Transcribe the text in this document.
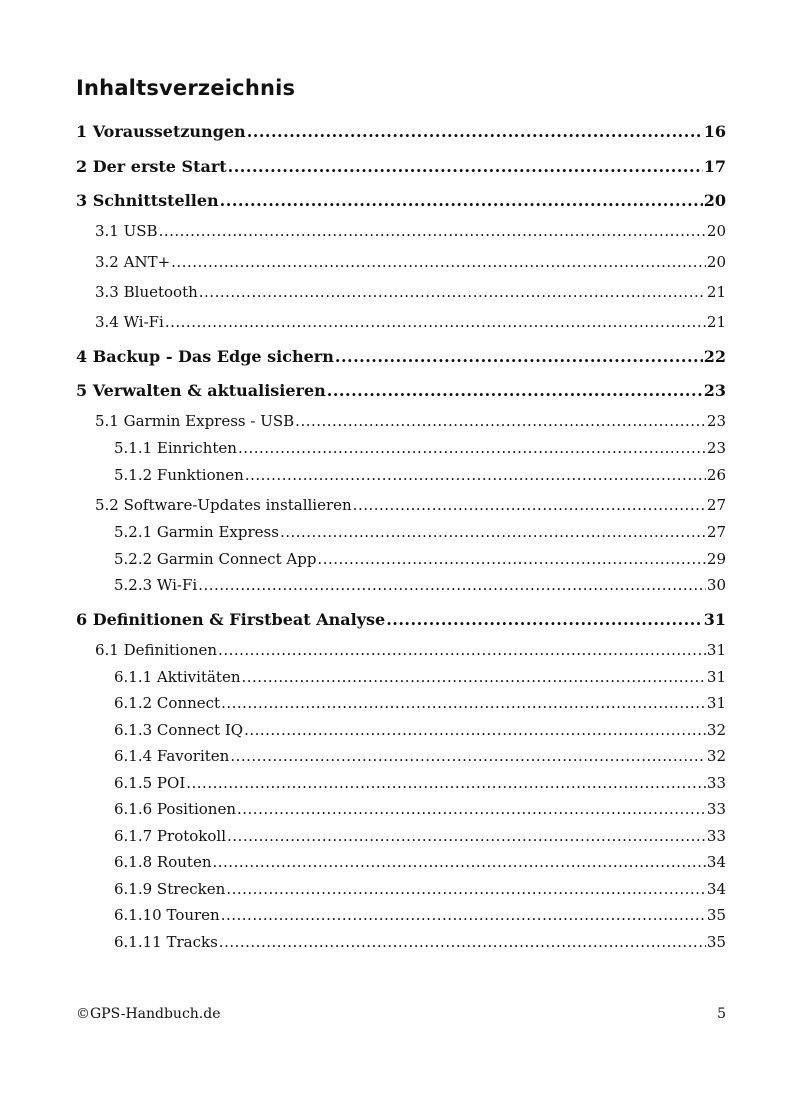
Inhaltsverzeichnis
1 Voraussetzungen .....	16
2 Der erste Start .....	17
3 Schnittstellen .....	20
3.1 USB .....	20
3.2 ANT+ .....	20
3.3 Bluetooth .....	21
3.4 Wi-Fi .....	21
4 Backup - Das Edge sichern .....	22
5 Verwalten & aktualisieren .....	23
5.1 Garmin Express - USB .....	23
5.1.1 Einrichten .....	23
5.1.2 Funktionen .....	26
5.2 Software-Updates installieren .....	27
5.2.1 Garmin Express .....	27
5.2.2 Garmin Connect App .....	29
5.2.3 Wi-Fi .....	30
6 Definitionen & Firstbeat Analyse .....	31
6.1 Definitionen .....	31
6.1.1 Aktivitäten .....	31
6.1.2 Connect .....	31
6.1.3 Connect IQ .....	32
6.1.4 Favoriten .....	32
6.1.5 POI .....	33
6.1.6 Positionen .....	33
6.1.7 Protokoll .....	33
6.1.8 Routen .....	34
6.1.9 Strecken .....	34
6.1.10 Touren .....	35
6.1.11 Tracks .....	35
©GPS-Handbuch.de	5
